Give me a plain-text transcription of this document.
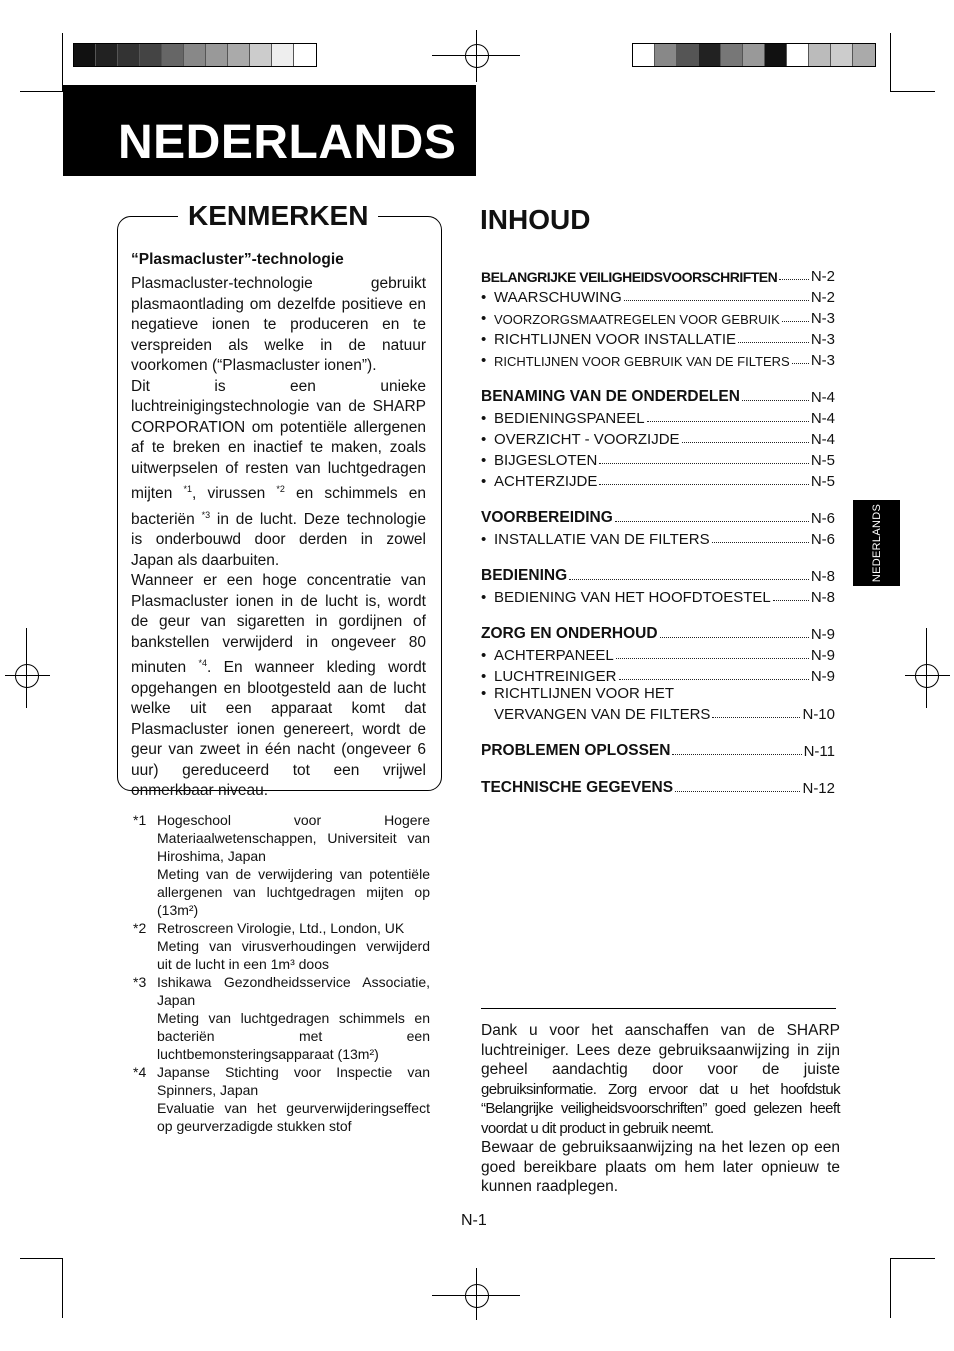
NEDERLANDS
KENMERKEN
“Plasmacluster”-technologie

Plasmacluster-technologie gebruikt plasmaontlading om dezelfde positieve en negatieve ionen te produceren en te verspreiden als welke in de natuur voorkomen (“Plasmacluster ionen”).

Dit is een unieke luchtreinigingstechnologie van de SHARP CORPORATION om potentiële allergenen af te breken en inactief te maken, zoals uitwerpselen of resten van luchtgedragen mijten $^{*1}$, virussen $^{*2}$ en schimmels en bacteriën $^{*3}$ in de lucht. Deze technologie is onderbouwd door derden in zowel Japan als daarbuiten.

Wanneer er een hoge concentratie van Plasmacluster ionen in de lucht is, wordt de geur van sigaretten in gordijnen of bankstellen verwijderd in ongeveer 80 minuten $^{*4}$. En wanneer kleding wordt opgehangen en blootgesteld aan de lucht welke uit een apparaat komt dat Plasmacluster ionen genereert, wordt de geur van zweet in één nacht (ongeveer 6 uur) gereduceerd tot een vrijwel onmerkbaar niveau.

*1 Hogeschool voor Hogere Materiaalwetenschappen, Universiteit van Hiroshima, Japan
Meting van de verwijdering van potentiële allergenen van luchtgedragen mijten op (13m²)
*2 Retroscreen Virologie, Ltd., London, UK
Meting van virusverhoudingen verwijderd uit de lucht in een 1m³ doos
*3 Ishikawa Gezondheidsservice Associatie, Japan
Meting van luchtgedragen schimmels en bacteriën met een luchtbemonsteringsapparaat (13m²)
*4 Japanse Stichting voor Inspectie van Spinners, Japan
Evaluatie van het geurverwijderingseffect op geurverzadigde stukken stof
INHOUD
BELANGRIJKE VEILIGHEIDSVOORSCHRIFTEN N-2
• WAARSCHUWING	N-2
• VOORZORGSMAATREGELEN VOOR GEBRUIK N-3
• RICHTLIJNEN VOOR INSTALLATIE	N-3
• RICHTLIJNEN VOOR GEBRUIK VAN DE FILTERS N-3
BENAMING VAN DE ONDERDELEN	N-4
• BEDIENINGSPANEEL	N-4
• OVERZICHT - VOORZIJDE	N-4
• BIJGESLOTEN	N-5
• ACHTERZIJDE	N-5
VOORBEREIDING	N-6
• INSTALLATIE VAN DE FILTERS	N-6
BEDIENING	N-8
• BEDIENING VAN HET HOOFDTOESTEL	N-8
ZORG EN ONDERHOUD	N-9
• ACHTERPANEEL	N-9
• LUCHTREINIGER	N-9
• RICHTLIJNEN VOOR HET
VERVANGEN VAN DE FILTERS	N-10
PROBLEMEN OPLOSSEN	N-11
TECHNISCHE GEGEVENS	N-12
NEDERLANDS

Dank u voor het aanschaffen van de SHARP luchtreiniger. Lees deze gebruiksaanwijzing in zijn geheel aandachtig door voor de juiste gebruiksinformatie. Zorg ervoor dat u het hoofdstuk “Belangrijke veiligheidsvoorschriften” goed gelezen heeft voordat u dit product in gebruik neemt.

Bewaar de gebruiksaanwijzing na het lezen op een goed bereikbare plaats om hem later opnieuw te kunnen raadplegen.

N-1
